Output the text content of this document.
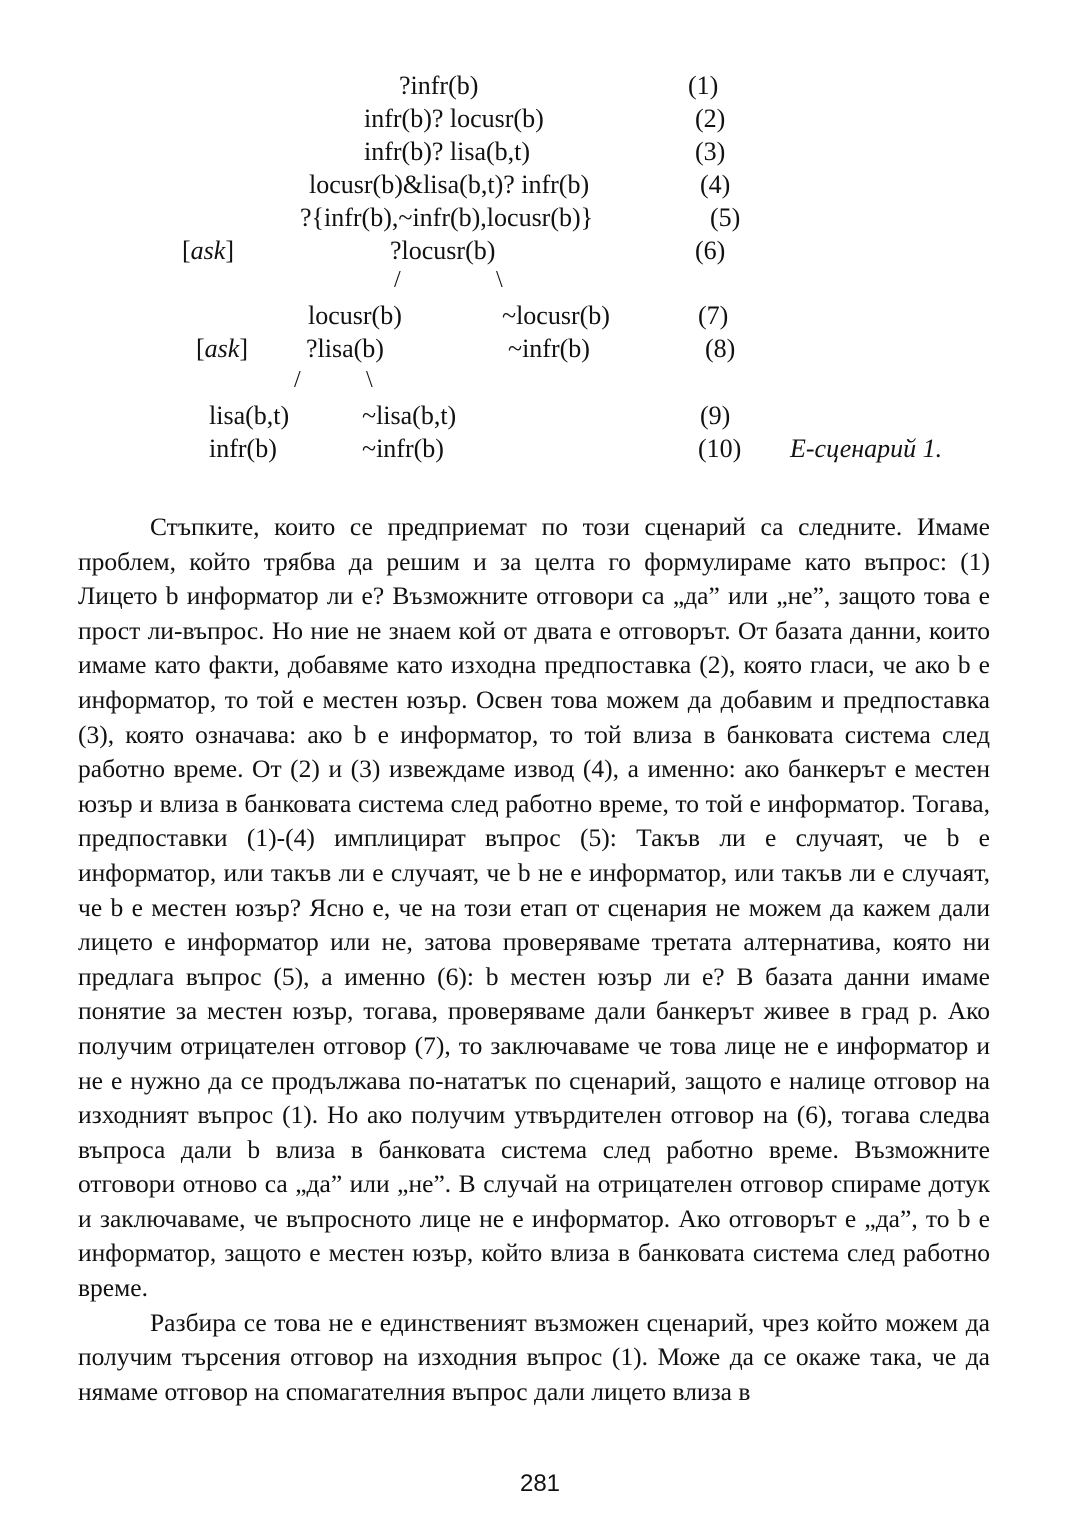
?infr(b)	(1)
infr(b)? locusr(b)	(2)
infr(b)? lisa(b,t)	(3)
locusr(b)&lisa(b,t)? infr(b)	(4)
?{infr(b),~infr(b),locusr(b)}	(5)
[ask]	?locusr(b)	(6)
/	\
locusr(b)	~locusr(b)	(7)
[ask] ?lisa(b)	~infr(b)	(8)
/	\
lisa(b,t)	~lisa(b,t)	(9)
infr(b)	~infr(b)	(10) Е-сценарий 1.

Стъпките, които се предприемат по този сценарий са следните. Имаме проблем, който трябва да решим и за целта го формулираме като въпрос: (1) Лицето b информатор ли е? Възможните отговори са „да” или „не”, защото това е прост ли-въпрос. Но ние не знаем кой от двата е отговорът. От базата данни, които имаме като факти, добавяме като изходна предпоставка (2), която гласи, че ако b е информатор, то той е местен юзър. Освен това можем да добавим и предпоставка (3), която означава: ако b е информатор, то той влиза в банковата система след работно време. От (2) и (3) извеждаме извод (4), а именно: ако банкерът е местен юзър и влиза в банковата система след работно време, то той е информатор. Тогава, предпоставки (1)-(4) имплицират въпрос (5): Такъв ли е случаят, че b е информатор, или такъв ли е случаят, че b не е информатор, или такъв ли е случаят, че b е местен юзър? Ясно е, че на този етап от сценария не можем да кажем дали лицето е информатор или не, затова проверяваме третата алтернатива, която ни предлага въпрос (5), а именно (6): b местен юзър ли е? В базата данни имаме понятие за местен юзър, тогава, проверяваме дали банкерът живее в град p. Ако получим отрицателен отговор (7), то заключаваме че това лице не е информатор и не е нужно да се продължава по-нататък по сценарий, защото е налице отговор на изходният въпрос (1). Но ако получим утвърдителен отговор на (6), тогава следва въпроса дали b влиза в банковата система след работно време. Възможните отговори отново са „да” или „не”. В случай на отрицателен отговор спираме дотук и заключаваме, че въпросното лице не е информатор. Ако отговорът е „да”, то b е информатор, защото е местен юзър, който влиза в банковата система след работно време.

Разбира се това не е единственият възможен сценарий, чрез който можем да получим търсения отговор на изходния въпрос (1). Може да се окаже така, че да нямаме отговор на спомагателния въпрос дали лицето влиза в

281
